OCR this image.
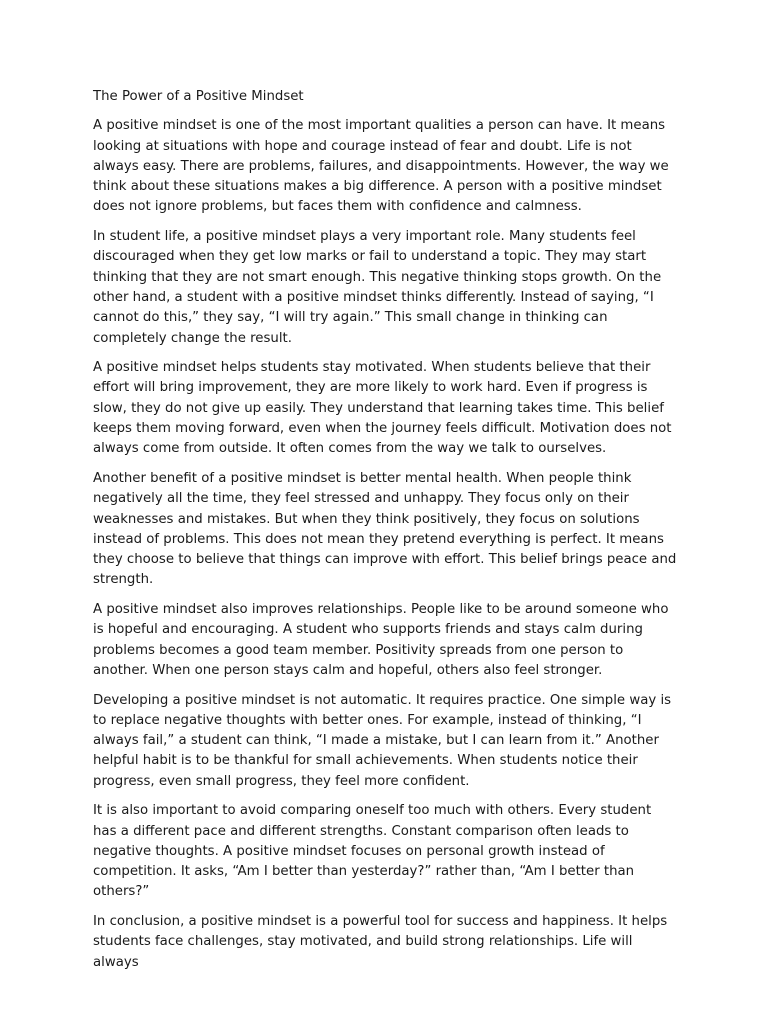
The Power of a Positive Mindset

A positive mindset is one of the most important qualities a person can have. It means looking at situations with hope and courage instead of fear and doubt. Life is not always easy. There are problems, failures, and disappointments. However, the way we think about these situations makes a big difference. A person with a positive mindset does not ignore problems, but faces them with confidence and calmness.

In student life, a positive mindset plays a very important role. Many students feel discouraged when they get low marks or fail to understand a topic. They may start thinking that they are not smart enough. This negative thinking stops growth. On the other hand, a student with a positive mindset thinks differently. Instead of saying, “I cannot do this,” they say, “I will try again.” This small change in thinking can completely change the result.

A positive mindset helps students stay motivated. When students believe that their effort will bring improvement, they are more likely to work hard. Even if progress is slow, they do not give up easily. They understand that learning takes time. This belief keeps them moving forward, even when the journey feels difficult. Motivation does not always come from outside. It often comes from the way we talk to ourselves.

Another benefit of a positive mindset is better mental health. When people think negatively all the time, they feel stressed and unhappy. They focus only on their weaknesses and mistakes. But when they think positively, they focus on solutions instead of problems. This does not mean they pretend everything is perfect. It means they choose to believe that things can improve with effort. This belief brings peace and strength.

A positive mindset also improves relationships. People like to be around someone who is hopeful and encouraging. A student who supports friends and stays calm during problems becomes a good team member. Positivity spreads from one person to another. When one person stays calm and hopeful, others also feel stronger.

Developing a positive mindset is not automatic. It requires practice. One simple way is to replace negative thoughts with better ones. For example, instead of thinking, “I always fail,” a student can think, “I made a mistake, but I can learn from it.” Another helpful habit is to be thankful for small achievements. When students notice their progress, even small progress, they feel more confident.

It is also important to avoid comparing oneself too much with others. Every student has a different pace and different strengths. Constant comparison often leads to negative thoughts. A positive mindset focuses on personal growth instead of competition. It asks, “Am I better than yesterday?” rather than, “Am I better than others?”

In conclusion, a positive mindset is a powerful tool for success and happiness. It helps students face challenges, stay motivated, and build strong relationships. Life will always
